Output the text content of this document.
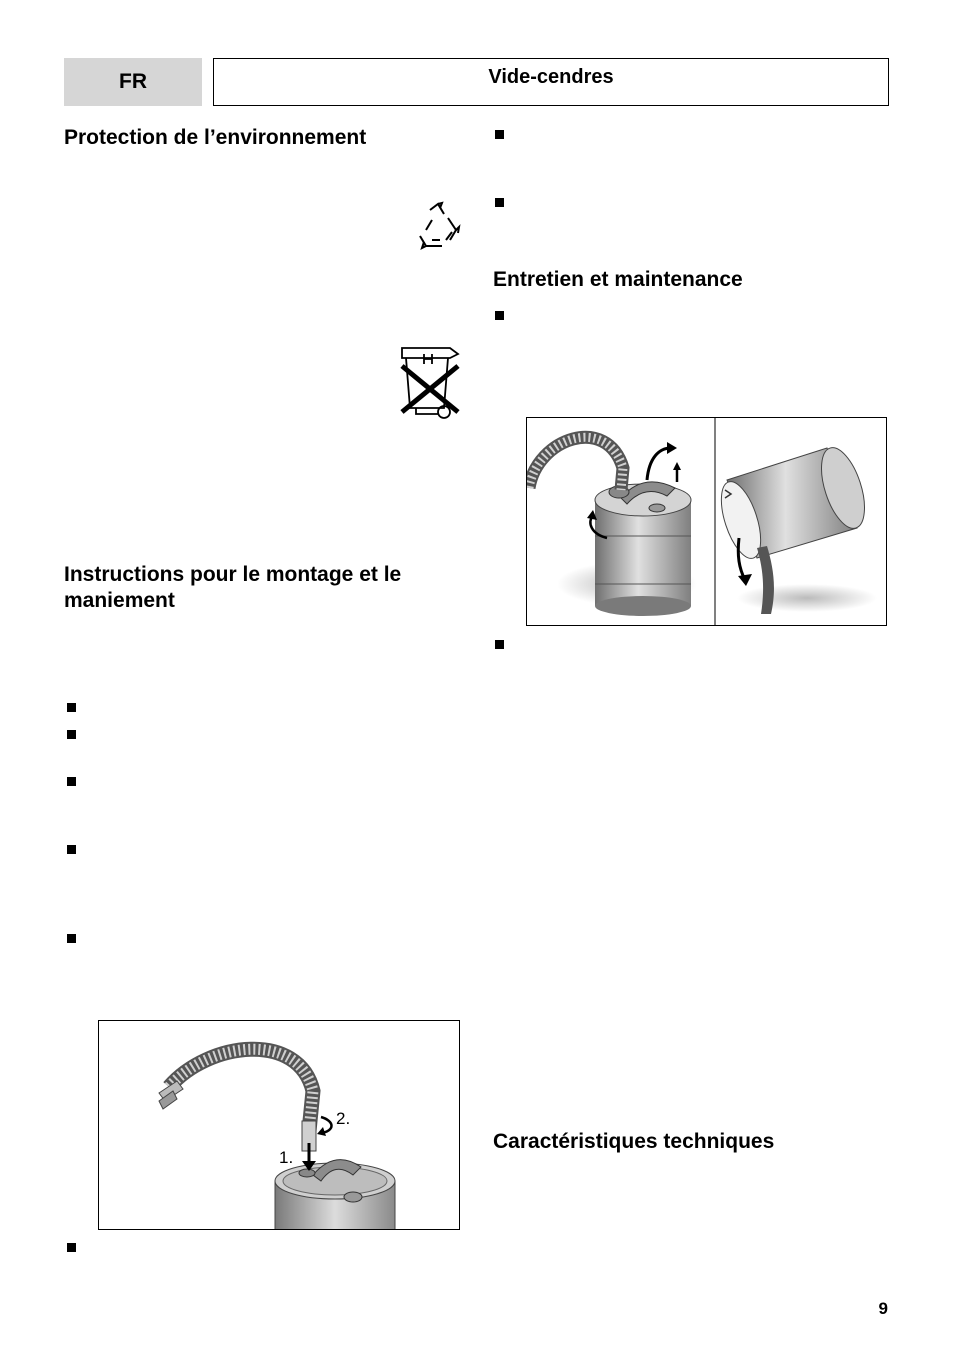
FR	Vide-cendres
Protection de l’environnement
Instructions pour le montage et le maniement
2.
1.
Entretien et maintenance
Caractéristiques techniques
9
